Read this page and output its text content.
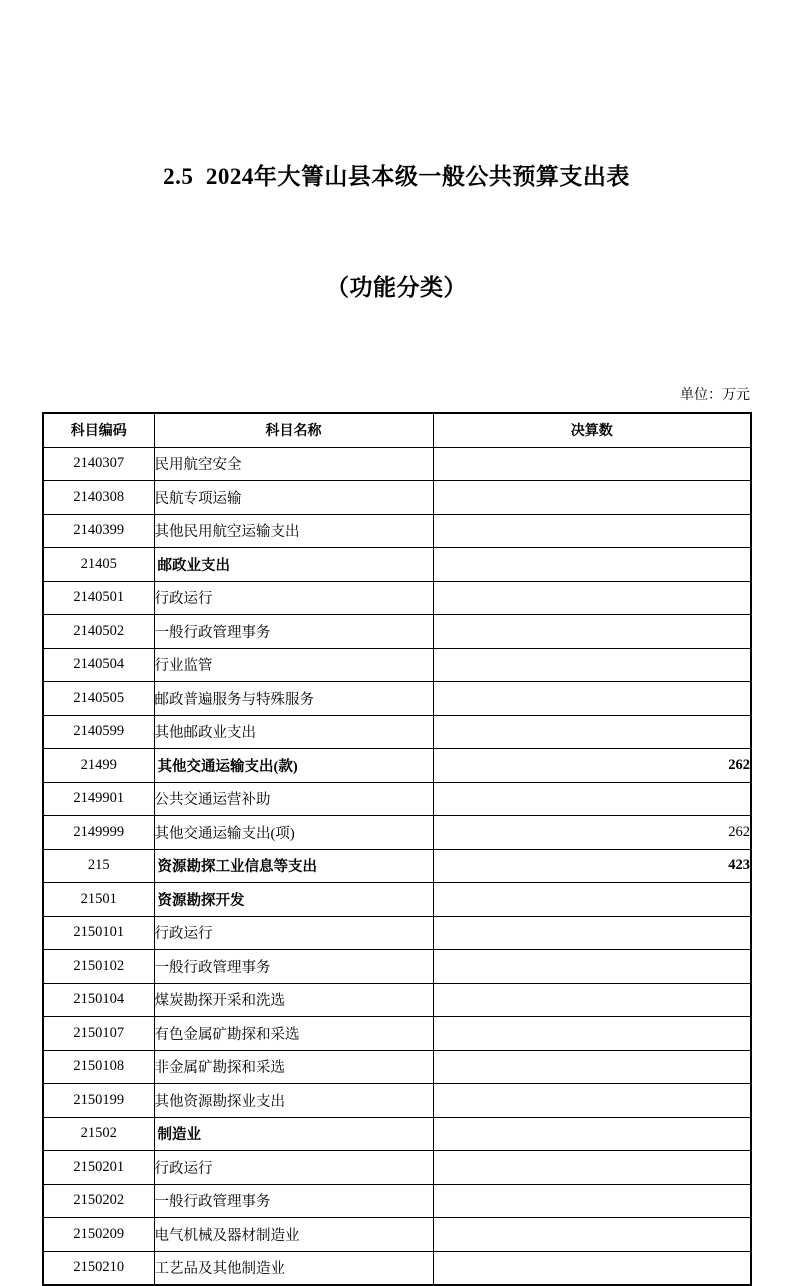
2.5  2024年大箐山县本级一般公共预算支出表

（功能分类）

单位：万元
科目编码	科目名称	决算数
2140307	民用航空安全	
2140308	民航专项运输	
2140399	其他民用航空运输支出	
21405	邮政业支出	
2140501	行政运行	
2140502	一般行政管理事务	
2140504	行业监管	
2140505	邮政普遍服务与特殊服务	
2140599	其他邮政业支出	
21499	其他交通运输支出(款)	262
2149901	公共交通运营补助	
2149999	其他交通运输支出(项)	262
215	资源勘探工业信息等支出	423
21501	资源勘探开发	
2150101	行政运行	
2150102	一般行政管理事务	
2150104	煤炭勘探开采和洗选	
2150107	有色金属矿勘探和采选	
2150108	非金属矿勘探和采选	
2150199	其他资源勘探业支出	
21502	制造业	
2150201	行政运行	
2150202	一般行政管理事务	
2150209	电气机械及器材制造业	
2150210	工艺品及其他制造业	
